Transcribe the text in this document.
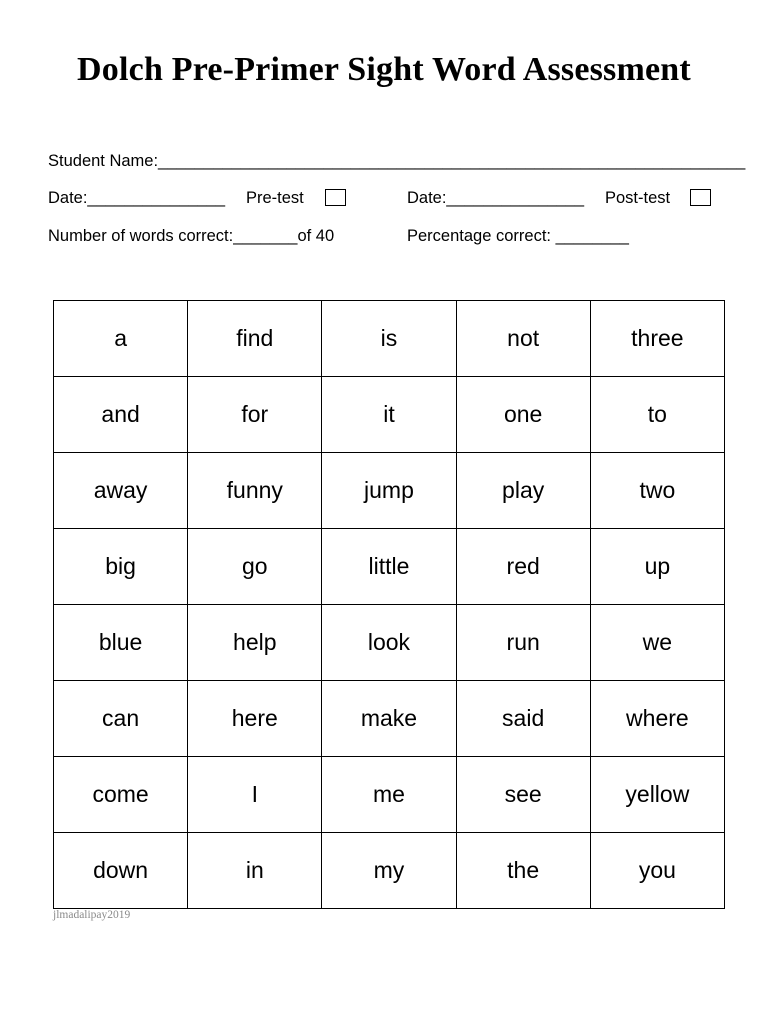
Dolch Pre-Primer Sight Word Assessment
Student Name:________________________________________________________________
Date:_______________ Pre-test	Date:_______________ Post-test
Number of words correct:_______of 40	Percentage correct: ________
a	find	is	not	three
and	for	it	one	to
away	funny	jump	play	two
big	go	little	red	up
blue	help	look	run	we
can	here	make	said	where
come	I	me	see	yellow
down	in	my	the	you
jlmadalipay2019
